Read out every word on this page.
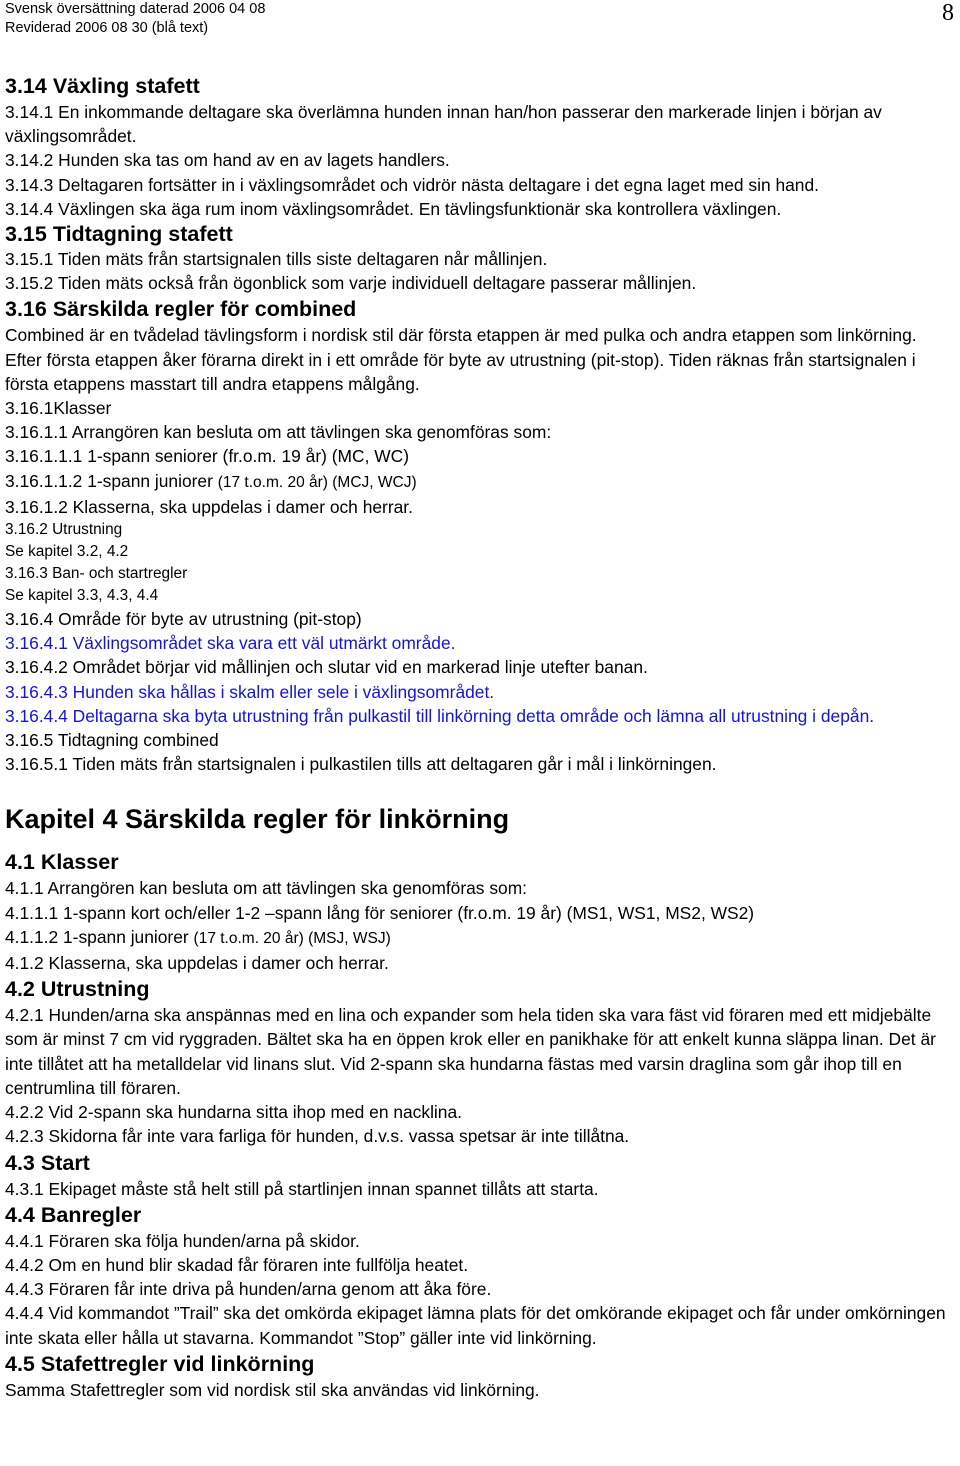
Svensk översättning daterad 2006 04 08
Reviderad 2006 08 30 (blå text)
8
3.14 Växling stafett

3.14.1 En inkommande deltagare ska överlämna hunden innan han/hon passerar den markerade linjen i början av växlingsområdet.

3.14.2 Hunden ska tas om hand av en av lagets handlers.

3.14.3 Deltagaren fortsätter in i växlingsområdet och vidrör nästa deltagare i det egna laget med sin hand.

3.14.4 Växlingen ska äga rum inom växlingsområdet. En tävlingsfunktionär ska kontrollera växlingen.

3.15 Tidtagning stafett

3.15.1 Tiden mäts från startsignalen tills siste deltagaren når mållinjen.

3.15.2 Tiden mäts också från ögonblick som varje individuell deltagare passerar mållinjen.

3.16 Särskilda regler för combined

Combined är en tvådelad tävlingsform i nordisk stil där första etappen är med pulka och andra etappen som linkörning. Efter första etappen åker förarna direkt in i ett område för byte av utrustning (pit-stop). Tiden räknas från startsignalen i första etappens masstart till andra etappens målgång.

3.16.1Klasser

3.16.1.1 Arrangören kan besluta om att tävlingen ska genomföras som:

3.16.1.1.1 1-spann seniorer (fr.o.m. 19 år) (MC, WC)

3.16.1.1.2 1-spann juniorer (17 t.o.m. 20 år) (MCJ, WCJ)

3.16.1.2 Klasserna, ska uppdelas i damer och herrar.

3.16.2 Utrustning

Se kapitel 3.2, 4.2

3.16.3 Ban- och startregler

Se kapitel 3.3, 4.3, 4.4

3.16.4 Område för byte av utrustning (pit-stop)

3.16.4.1 Växlingsområdet ska vara ett väl utmärkt område.

3.16.4.2 Området börjar vid mållinjen och slutar vid en markerad linje utefter banan.

3.16.4.3 Hunden ska hållas i skalm eller sele i växlingsområdet.

3.16.4.4 Deltagarna ska byta utrustning från pulkastil till linkörning detta område och lämna all utrustning i depån.

3.16.5 Tidtagning combined

3.16.5.1 Tiden mäts från startsignalen i pulkastilen tills att deltagaren går i mål i linkörningen.

Kapitel 4 Särskilda regler för linkörning
4.1 Klasser

4.1.1 Arrangören kan besluta om att tävlingen ska genomföras som:

4.1.1.1 1-spann kort och/eller 1-2 –spann lång för seniorer (fr.o.m. 19 år) (MS1, WS1, MS2, WS2)

4.1.1.2 1-spann juniorer (17 t.o.m. 20 år) (MSJ, WSJ)

4.1.2 Klasserna, ska uppdelas i damer och herrar.

4.2 Utrustning

4.2.1 Hunden/arna ska anspännas med en lina och expander som hela tiden ska vara fäst vid föraren med ett midjebälte som är minst 7 cm vid ryggraden. Bältet ska ha en öppen krok eller en panikhake för att enkelt kunna släppa linan. Det är inte tillåtet att ha metalldelar vid linans slut. Vid 2-spann ska hundarna fästas med varsin draglina som går ihop till en centrumlina till föraren.

4.2.2 Vid 2-spann ska hundarna sitta ihop med en nacklina.

4.2.3 Skidorna får inte vara farliga för hunden, d.v.s. vassa spetsar är inte tillåtna.

4.3 Start

4.3.1 Ekipaget måste stå helt still på startlinjen innan spannet tillåts att starta.

4.4 Banregler

4.4.1 Föraren ska följa hunden/arna på skidor.

4.4.2 Om en hund blir skadad får föraren inte fullfölja heatet.

4.4.3 Föraren får inte driva på hunden/arna genom att åka före.

4.4.4 Vid kommandot ”Trail” ska det omkörda ekipaget lämna plats för det omkörande ekipaget och får under omkörningen inte skata eller hålla ut stavarna. Kommandot ”Stop” gäller inte vid linkörning.

4.5 Stafettregler vid linkörning

Samma Stafettregler som vid nordisk stil ska användas vid linkörning.
